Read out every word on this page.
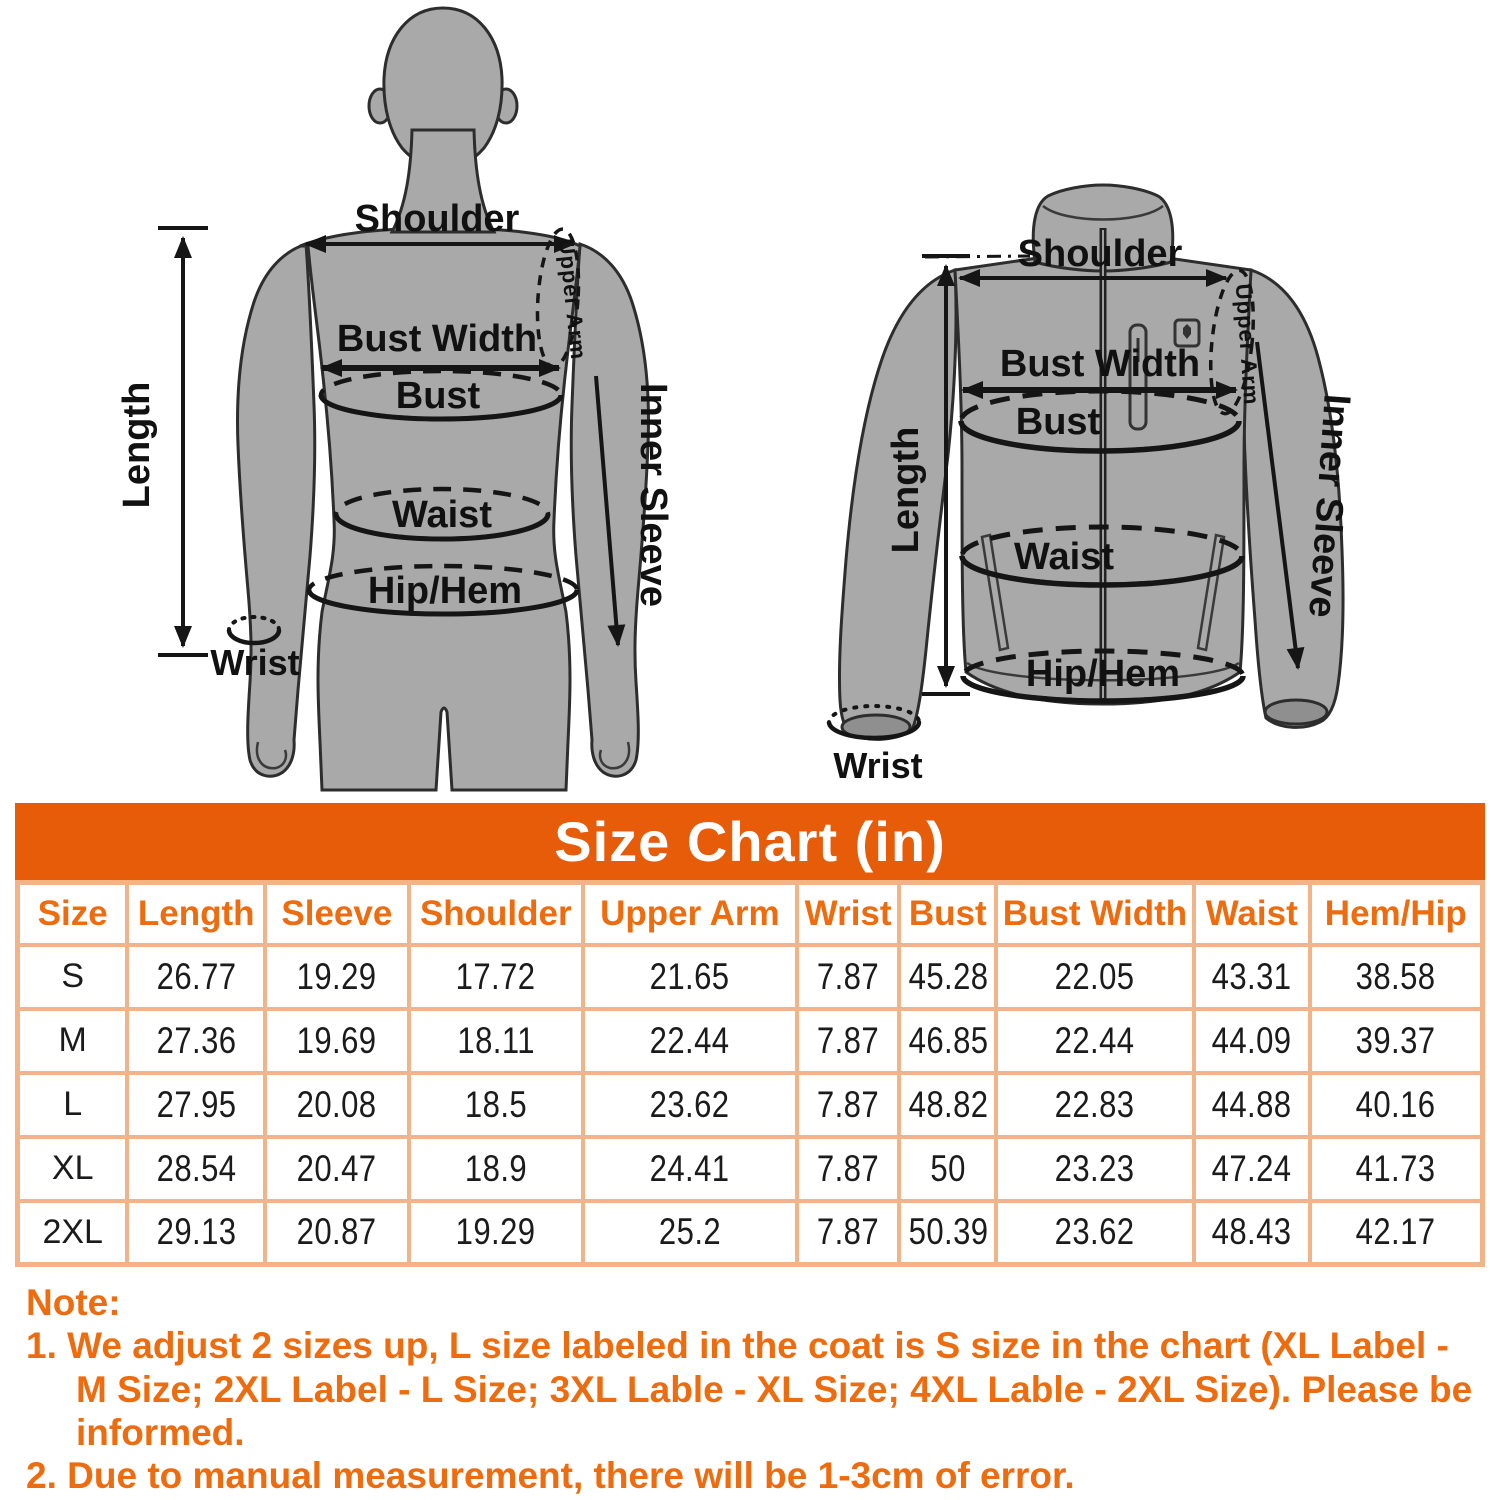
Length
Shoulder
Upper Arm
Bust Width
Bust
Waist
Hip/Hem
Wrist
Inner Sleeve	Length
Shoulder
Upper Arm
Bust Width
Bust
Waist
Hip/Hem
Wrist
Inner Sleeve
Size Chart (in)
Size	Length	Sleeve	Shoulder	Upper Arm	Wrist	Bust	Bust Width	Waist	Hem/Hip
S	26.77	19.29	17.72	21.65	7.87	45.28	22.05	43.31	38.58
M	27.36	19.69	18.11	22.44	7.87	46.85	22.44	44.09	39.37
L	27.95	20.08	18.5	23.62	7.87	48.82	22.83	44.88	40.16
XL	28.54	20.47	18.9	24.41	7.87	50	23.23	47.24	41.73
2XL	29.13	20.87	19.29	25.2	7.87	50.39	23.62	48.43	42.17
Note:
1. We adjust 2 sizes up, L size labeled in the coat is S size in the chart (XL Label - M Size; 2XL Label - L Size; 3XL Lable - XL Size; 4XL Lable - 2XL Size). Please be informed.
2. Due to manual measurement, there will be 1-3cm of error.
